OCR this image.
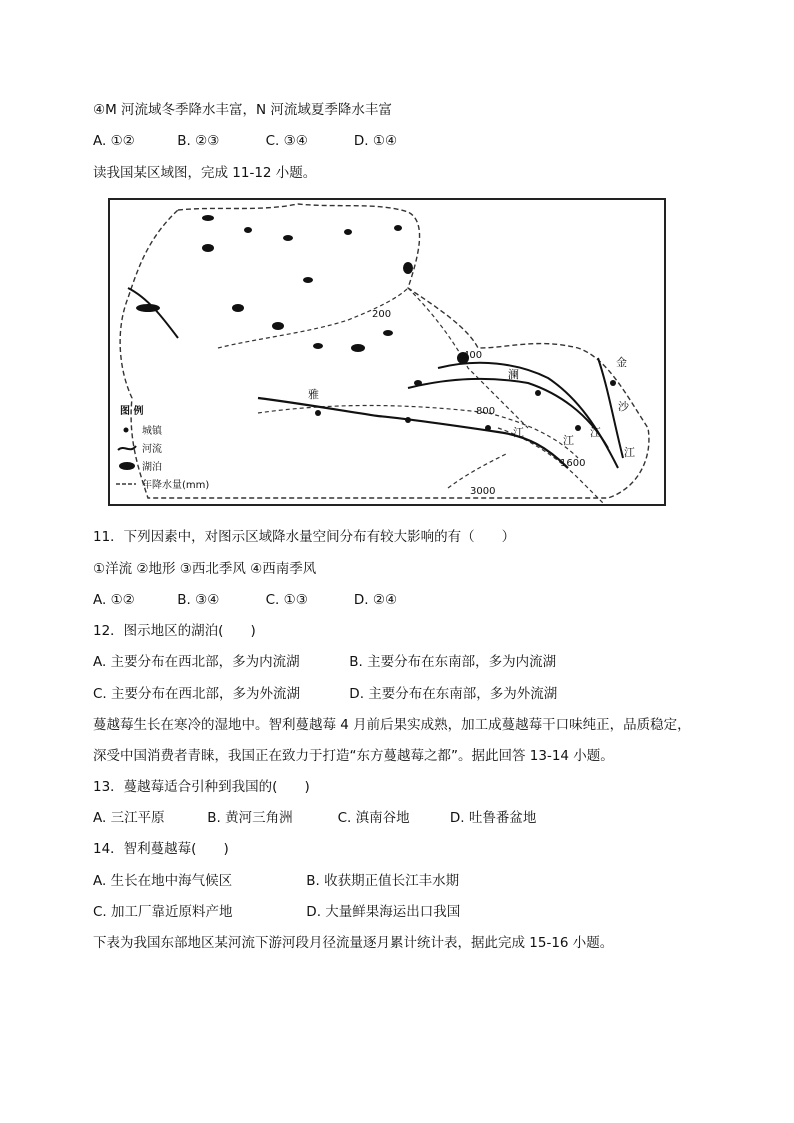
④M 河流域冬季降水丰富，N 河流域夏季降水丰富
A. ①②	B. ②③	C. ③④	D. ①④
读我国某区域图，完成 11-12 小题。
200
400
800
1600
3000
雅
金
沙
江
澜
江
江
江
图 例
城镇
河流
湖泊
年降水量(mm)
11．下列因素中，对图示区域降水量空间分布有较大影响的有（　　）
①洋流 ②地形 ③西北季风 ④西南季风
A. ①②	B. ③④	C. ①③	D. ②④
12．图示地区的湖泊(　　)
A. 主要分布在西北部，多为内流湖	B. 主要分布在东南部，多为内流湖
C. 主要分布在西北部，多为外流湖	D. 主要分布在东南部，多为外流湖
蔓越莓生长在寒冷的湿地中。智利蔓越莓 4 月前后果实成熟，加工成蔓越莓干口味纯正，品质稳定，
深受中国消费者青睐，我国正在致力于打造“东方蔓越莓之都”。据此回答 13-14 小题。
13．蔓越莓适合引种到我国的(　　)
A. 三江平原	B. 黄河三角洲	C. 滇南谷地	D. 吐鲁番盆地
14．智利蔓越莓(　　)
A. 生长在地中海气候区	B. 收获期正值长江丰水期
C. 加工厂靠近原料产地	D. 大量鲜果海运出口我国
下表为我国东部地区某河流下游河段月径流量逐月累计统计表，据此完成 15-16 小题。
